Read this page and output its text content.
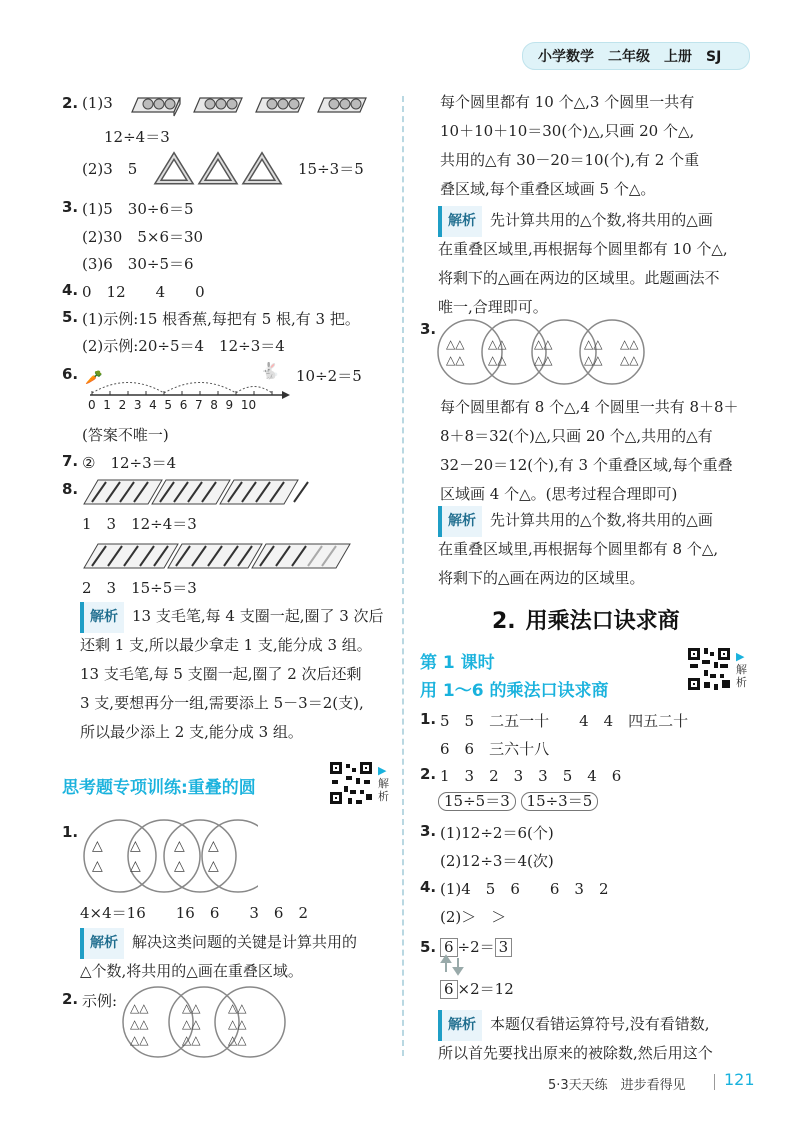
小学数学　二年级　上册　SJ
2. (1)3
12÷4＝3
(2)3　5	15÷3＝5
3. (1)5　30÷6＝5
(2)30　5×6＝30
(3)6　30÷5＝6
4. 0　12　　4　　0
5. (1)示例:15 根香蕉,每把有 5 根,有 3 把。
(2)示例:20÷5＝4　12÷3＝4
6. 🥕	🐇
0 1 2 3 4 5 6 7 8 9 10
10÷2＝5
(答案不唯一)
7. ②　12÷3＝4
8.
1　3　12÷4＝3
2　3　15÷5＝3
解析 13 支毛笔,每 4 支圈一起,圈了 3 次后
还剩 1 支,所以最少拿走 1 支,能分成 3 组。
13 支毛笔,每 5 支圈一起,圈了 2 次后还剩
3 支,要想再分一组,需要添上 5－3＝2(支),
所以最少添上 2 支,能分成 3 组。
思考题专项训练:重叠的圆
▶
解
析
1.
△
△
△
△
△
△
△
△
4×4＝16　　16　6　　3　6　2
解析 解决这类问题的关键是计算共用的
△个数,将共用的△画在重叠区域。
2. 示例: △△
△△
△△
△△
△△
△△
△△
△△
△△
每个圆里都有 10 个△,3 个圆里一共有
10＋10＋10＝30(个)△,只画 20 个△,
共用的△有 30－20＝10(个),有 2 个重
叠区域,每个重叠区域画 5 个△。
解析 先计算共用的△个数,将共用的△画
在重叠区域里,再根据每个圆里都有 10 个△,
将剩下的△画在两边的区域里。此题画法不
唯一,合理即可。
3.
△△
△△
△△
△△
△△
△△
△△
△△
△△
△△
每个圆里都有 8 个△,4 个圆里一共有 8＋8＋
8＋8＝32(个)△,只画 20 个△,共用的△有
32－20＝12(个),有 3 个重叠区域,每个重叠
区域画 4 个△。(思考过程合理即可)
解析 先计算共用的△个数,将共用的△画
在重叠区域里,再根据每个圆里都有 8 个△,
将剩下的△画在两边的区域里。
2. 用乘法口诀求商
第 1 课时
用 1～6 的乘法口诀求商
▶
解
析
1. 5　5　二五一十　　4　4　四五二十
6　6　三六十八
2. 1　3　2　3　3　5　4　6
15÷5＝3 15÷3＝5
3. (1)12÷2＝6(个)
(2)12÷3＝4(次)
4. (1)4　5　6　　6　3　2
(2)＞　＞
5. 6 ÷2＝ 3
6 ×2＝12
解析 本题仅看错运算符号,没有看错数,
所以首先要找出原来的被除数,然后用这个
5·3天天练　进步看得见 121
